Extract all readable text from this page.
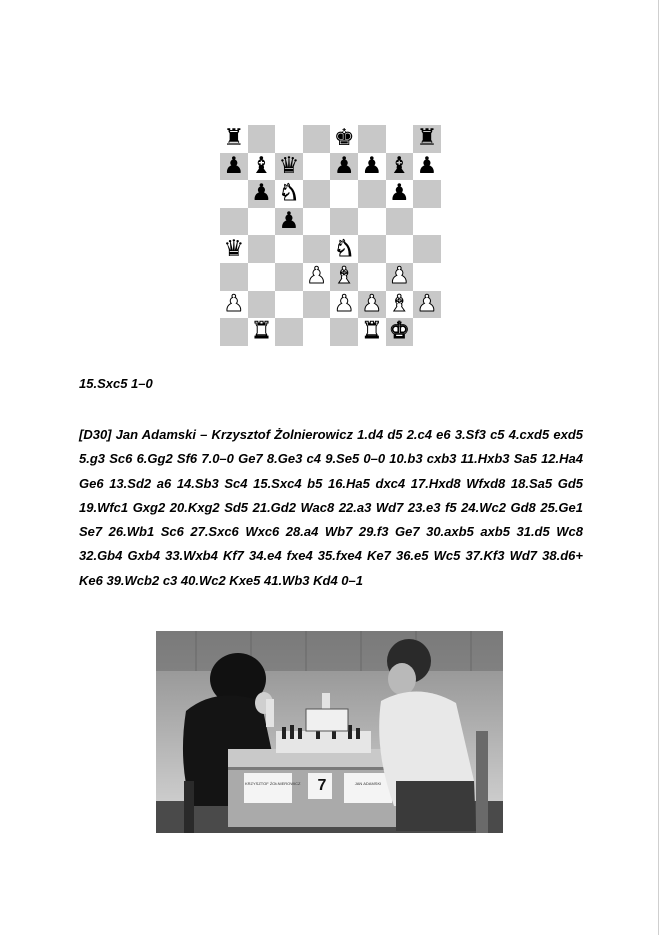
♜	♚	♜
♟ ♝ ♛ ♟ ♟ ♝ ♟
♟ ♞	♟
♟
♛	♞
♟ ♝ ♟
♟	♟ ♟ ♝ ♟
♜	♜ ♚
15.Sxc5 1–0
[D30] Jan Adamski – Krzysztof Żolnierowicz 1.d4 d5 2.c4 e6 3.Sf3 c5 4.cxd5 exd5 5.g3 Sc6 6.Gg2 Sf6 7.0–0 Ge7 8.Ge3 c4 9.Se5 0–0 10.b3 cxb3 11.Hxb3 Sa5 12.Ha4 Ge6 13.Sd2 a6 14.Sb3 Sc4 15.Sxc4 b5 16.Ha5 dxc4 17.Hxd8 Wfxd8 18.Sa5 Gd5 19.Wfc1 Gxg2 20.Kxg2 Sd5 21.Gd2 Wac8 22.a3 Wd7 23.e3 f5 24.Wc2 Gd8 25.Ge1 Se7 26.Wb1 Sc6 27.Sxc6 Wxc6 28.a4 Wb7 29.f3 Ge7 30.axb5 axb5 31.d5 Wc8 32.Gb4 Gxb4 33.Wxb4 Kf7 34.e4 fxe4 35.fxe4 Ke7 36.e5 Wc5 37.Kf3 Wd7 38.d6+ Ke6 39.Wcb2 c3 40.Wc2 Kxe5 41.Wb3 Kd4 0–1
7
KRZYSZTOF ŻOŁNIEROWICZ	JAN ADAMSKI
